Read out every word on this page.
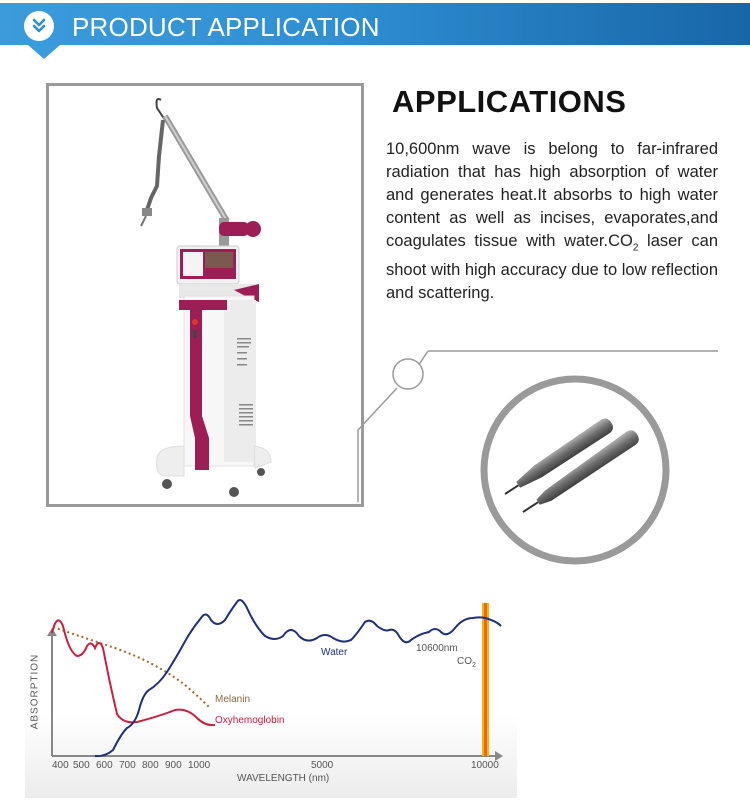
PRODUCT APPLICATION
APPLICATIONS
10,600nm wave is belong to far-infrared radiation that has high absorption of water and generates heat.It absorbs to high water content as well as incises, evaporates,and coagulates tissue with $water.CO_2$ laser can shoot with high accuracy due to low reflection and scattering.
Water	10600nm
$CO_2$
Melanin
Oxyhemoglobin
ABSORPTION
400 500 600 700 800 900 1000	5000	10000
WAVELENGTH (nm)
